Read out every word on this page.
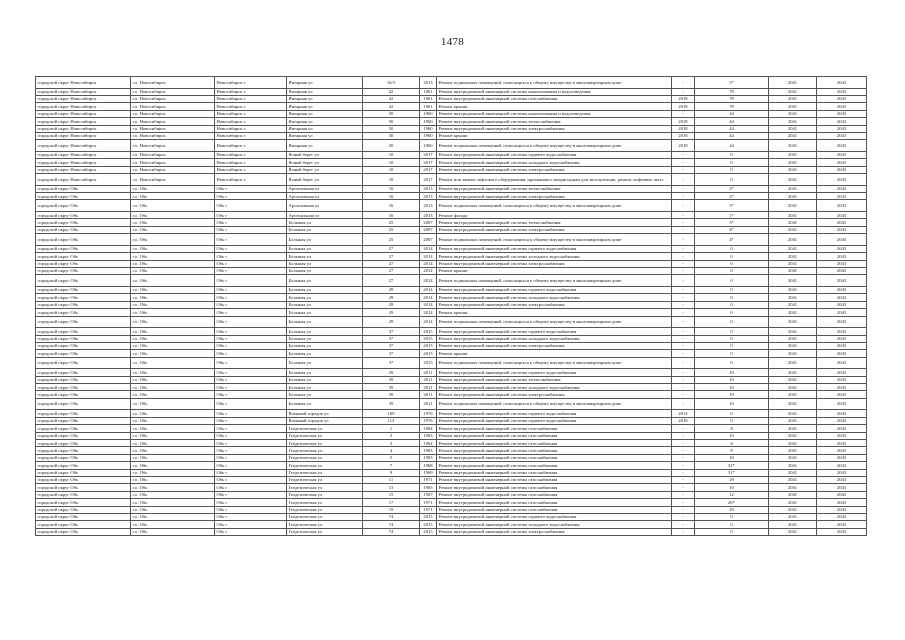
1478
городской округ Новосибирск	г.о. Новосибирск	Новосибирск г	Янтарная ул	16/3	2013	Ремонт подвальных помещений, относящихся к общему имуществу в многоквартирном доме	-	5*	2041	2043
городской округ Новосибирск	г.о. Новосибирск	Новосибирск г	Янтарная ул	42	1961	Ремонт внутридомовой инженерной системы канализования и водоотведения	-	78	2041	2043
городской округ Новосибирск	г.о. Новосибирск	Новосибирск г	Янтарная ул	42	1961	Ремонт внутридомовой инженерной системы газоснабжения	2018	78	2041	2043
городской округ Новосибирск	г.о. Новосибирск	Новосибирск г	Янтарная ул	42	1961	Ремонт крыши	2018	78	2041	2043
городской округ Новосибирск	г.о. Новосибирск	Новосибирск г	Янтарная ул	50	1960	Ремонт внутридомовой инженерной системы канализования и водоотведения	-	44	2041	2043
городской округ Новосибирск	г.о. Новосибирск	Новосибирск г	Янтарная ул	50	1960	Ремонт внутридомовой инженерной системы теплоснабжения	2018	44	2041	2043
городской округ Новосибирск	г.о. Новосибирск	Новосибирск г	Янтарная ул	50	1960	Ремонт внутридомовой инженерной системы электроснабжения	2018	44	2041	2043
городской округ Новосибирск	г.о. Новосибирск	Новосибирск г	Янтарная ул	50	1960	Ремонт крыши	2018	44	2041	2043
городской округ Новосибирск	г.о. Новосибирск	Новосибирск г	Янтарная ул	50	1960	Ремонт подвальных помещений, относящихся к общему имуществу в многоквартирном доме	2018	44	2041	2043
городской округ Новосибирск	г.о. Новосибирск	Новосибирск г	Ясный берег ул	10	2017	Ремонт внутридомовой инженерной системы горячего водоснабжения	-	0	2041	2043
городской округ Новосибирск	г.о. Новосибирск	Новосибирск г	Ясный берег ул	10	2017	Ремонт внутридомовой инженерной системы холодного водоснабжения	-	0	2041	2043
городской округ Новосибирск	г.о. Новосибирск	Новосибирск г	Ясный берег ул	10	2017	Ремонт внутридомовой инженерной системы электроснабжения	-	0	2041	2043
городской округ Новосибирск	г.о. Новосибирск	Новосибирск г	Ясный берег ул	10	2017	Ремонт или замена лифтового оборудования, признанного непригодным для эксплуатации, ремонт лифтовых шахт	-	0	2041	2043
городской округ Обь	г.о. Обь	Обь г	Арсенальная ул	16	2013	Ремонт внутридомовой инженерной системы теплоснабжения	-	2*	2041	2043
городской округ Обь	г.о. Обь	Обь г	Арсенальная ул	16	2013	Ремонт внутридомовой инженерной системы электроснабжения	-	2*	2041	2043
городской округ Обь	г.о. Обь	Обь г	Арсенальная ул	16	2013	Ремонт подвальных помещений, относящихся к общему имуществу в многоквартирном доме	-	3*	2041	2043
городской округ Обь	г.о. Обь	Обь г	Арсенальная ул	16	2013	Ремонт фасада	-	1*	2041	2043
городской округ Обь	г.о. Обь	Обь г	Большая ул	25	2007	Ремонт внутридомовой инженерной системы теплоснабжения	-	5*	2041	2043
городской округ Обь	г.о. Обь	Обь г	Большая ул	25	2007	Ремонт внутридомовой инженерной системы электроснабжения	-	4*	2041	2043
городской округ Обь	г.о. Обь	Обь г	Большая ул	25	2007	Ремонт подвальных помещений, относящихся к общему имуществу в многоквартирном доме	-	4*	2041	2043
городской округ Обь	г.о. Обь	Обь г	Большая ул	27	2014	Ремонт внутридомовой инженерной системы горячего водоснабжения	-	0	2041	2043
городской округ Обь	г.о. Обь	Обь г	Большая ул	27	2014	Ремонт внутридомовой инженерной системы холодного водоснабжения	-	0	2041	2043
городской округ Обь	г.о. Обь	Обь г	Большая ул	27	2014	Ремонт внутридомовой инженерной системы электроснабжения	-	0	2041	2043
городской округ Обь	г.о. Обь	Обь г	Большая ул	27	2014	Ремонт крыши	-	0	2041	2043
городской округ Обь	г.о. Обь	Обь г	Большая ул	27	2014	Ремонт подвальных помещений, относящихся к общему имуществу в многоквартирном доме	-	0	2041	2043
городской округ Обь	г.о. Обь	Обь г	Большая ул	29	2014	Ремонт внутридомовой инженерной системы горячего водоснабжения	-	0	2041	2043
городской округ Обь	г.о. Обь	Обь г	Большая ул	29	2014	Ремонт внутридомовой инженерной системы холодного водоснабжения	-	0	2041	2043
городской округ Обь	г.о. Обь	Обь г	Большая ул	29	2014	Ремонт внутридомовой инженерной системы электроснабжения	-	0	2041	2043
городской округ Обь	г.о. Обь	Обь г	Большая ул	29	2014	Ремонт крыши	-	0	2041	2043
городской округ Обь	г.о. Обь	Обь г	Большая ул	29	2014	Ремонт подвальных помещений, относящихся к общему имуществу в многоквартирном доме	-	0	2041	2043
городской округ Обь	г.о. Обь	Обь г	Большая ул	37	2015	Ремонт внутридомовой инженерной системы горячего водоснабжения	-	0	2041	2043
городской округ Обь	г.о. Обь	Обь г	Большая ул	37	2015	Ремонт внутридомовой инженерной системы холодного водоснабжения	-	0	2041	2043
городской округ Обь	г.о. Обь	Обь г	Большая ул	37	2015	Ремонт внутридомовой инженерной системы электроснабжения	-	0	2041	2043
городской округ Обь	г.о. Обь	Обь г	Большая ул	37	2015	Ремонт крыши	-	0	2041	2043
городской округ Обь	г.о. Обь	Обь г	Большая ул	37	2015	Ремонт подвальных помещений, относящихся к общему имуществу в многоквартирном доме	-	0	2041	2043
городской округ Обь	г.о. Обь	Обь г	Большая ул	39	2011	Ремонт внутридомовой инженерной системы горячего водоснабжения	-	10	2041	2043
городской округ Обь	г.о. Обь	Обь г	Большая ул	39	2011	Ремонт внутридомовой инженерной системы теплоснабжения	-	10	2041	2043
городской округ Обь	г.о. Обь	Обь г	Большая ул	39	2011	Ремонт внутридомовой инженерной системы холодного водоснабжения	-	10	2041	2043
городской округ Обь	г.о. Обь	Обь г	Большая ул	39	2011	Ремонт внутридомовой инженерной системы электроснабжения	-	10	2041	2043
городской округ Обь	г.о. Обь	Обь г	Большая ул	39	2011	Ремонт подвальных помещений, относящихся к общему имуществу в многоквартирном доме	-	10	2041	2043
городской округ Обь	г.о. Обь	Обь г	Военный городок ул	109	1976	Ремонт внутридомовой инженерной системы горячего водоснабжения	2014	0	2041	2043
городской округ Обь	г.о. Обь	Обь г	Военный городок ул	113	1976	Ремонт внутридомовой инженерной системы горячего водоснабжения	2018	0	2041	2043
городской округ Обь	г.о. Обь	Обь г	Геодезическая ул	1	1964	Ремонт внутридомовой инженерной системы газоснабжения	-	8	2041	2043
городской округ Обь	г.о. Обь	Обь г	Геодезическая ул	2	1963	Ремонт внутридомовой инженерной системы газоснабжения	-	10	2041	2043
городской округ Обь	г.о. Обь	Обь г	Геодезическая ул	3	1964	Ремонт внутридомовой инженерной системы газоснабжения	-	8	2041	2043
городской округ Обь	г.о. Обь	Обь г	Геодезическая ул	4	1963	Ремонт внутридомовой инженерной системы газоснабжения	-	8	2041	2043
городской округ Обь	г.о. Обь	Обь г	Геодезическая ул	5	1965	Ремонт внутридомовой инженерной системы газоснабжения	-	10	2041	2043
городской округ Обь	г.о. Обь	Обь г	Геодезическая ул	7	1968	Ремонт внутридомовой инженерной системы газоснабжения	-	31*	2041	2043
городской округ Обь	г.о. Обь	Обь г	Геодезическая ул	9	1969	Ремонт внутридомовой инженерной системы газоснабжения	-	31*	2041	2043
городской округ Обь	г.о. Обь	Обь г	Геодезическая ул	11	1971	Ремонт внутридомовой инженерной системы газоснабжения	-	29	2041	2043
городской округ Обь	г.о. Обь	Обь г	Геодезическая ул	13	1965	Ремонт внутридомовой инженерной системы газоснабжения	-	10	2041	2043
городской округ Обь	г.о. Обь	Обь г	Геодезическая ул	15	1967	Ремонт внутридомовой инженерной системы газоснабжения	-	12	2041	2043
городской округ Обь	г.о. Обь	Обь г	Геодезическая ул	17	1971	Ремонт внутридомовой инженерной системы газоснабжения	-	26*	2041	2043
городской округ Обь	г.о. Обь	Обь г	Геодезическая ул	19	1971	Ремонт внутридомовой инженерной системы газоснабжения	-	29	2041	2043
городской округ Обь	г.о. Обь	Обь г	Геодезическая ул	74	2015	Ремонт внутридомовой инженерной системы горячего водоснабжения	-	0	2041	2043
городской округ Обь	г.о. Обь	Обь г	Геодезическая ул	74	2015	Ремонт внутридомовой инженерной системы холодного водоснабжения	-	0	2041	2043
городской округ Обь	г.о. Обь	Обь г	Геодезическая ул	74	2015	Ремонт внутридомовой инженерной системы электроснабжения	-	0	2041	2043
